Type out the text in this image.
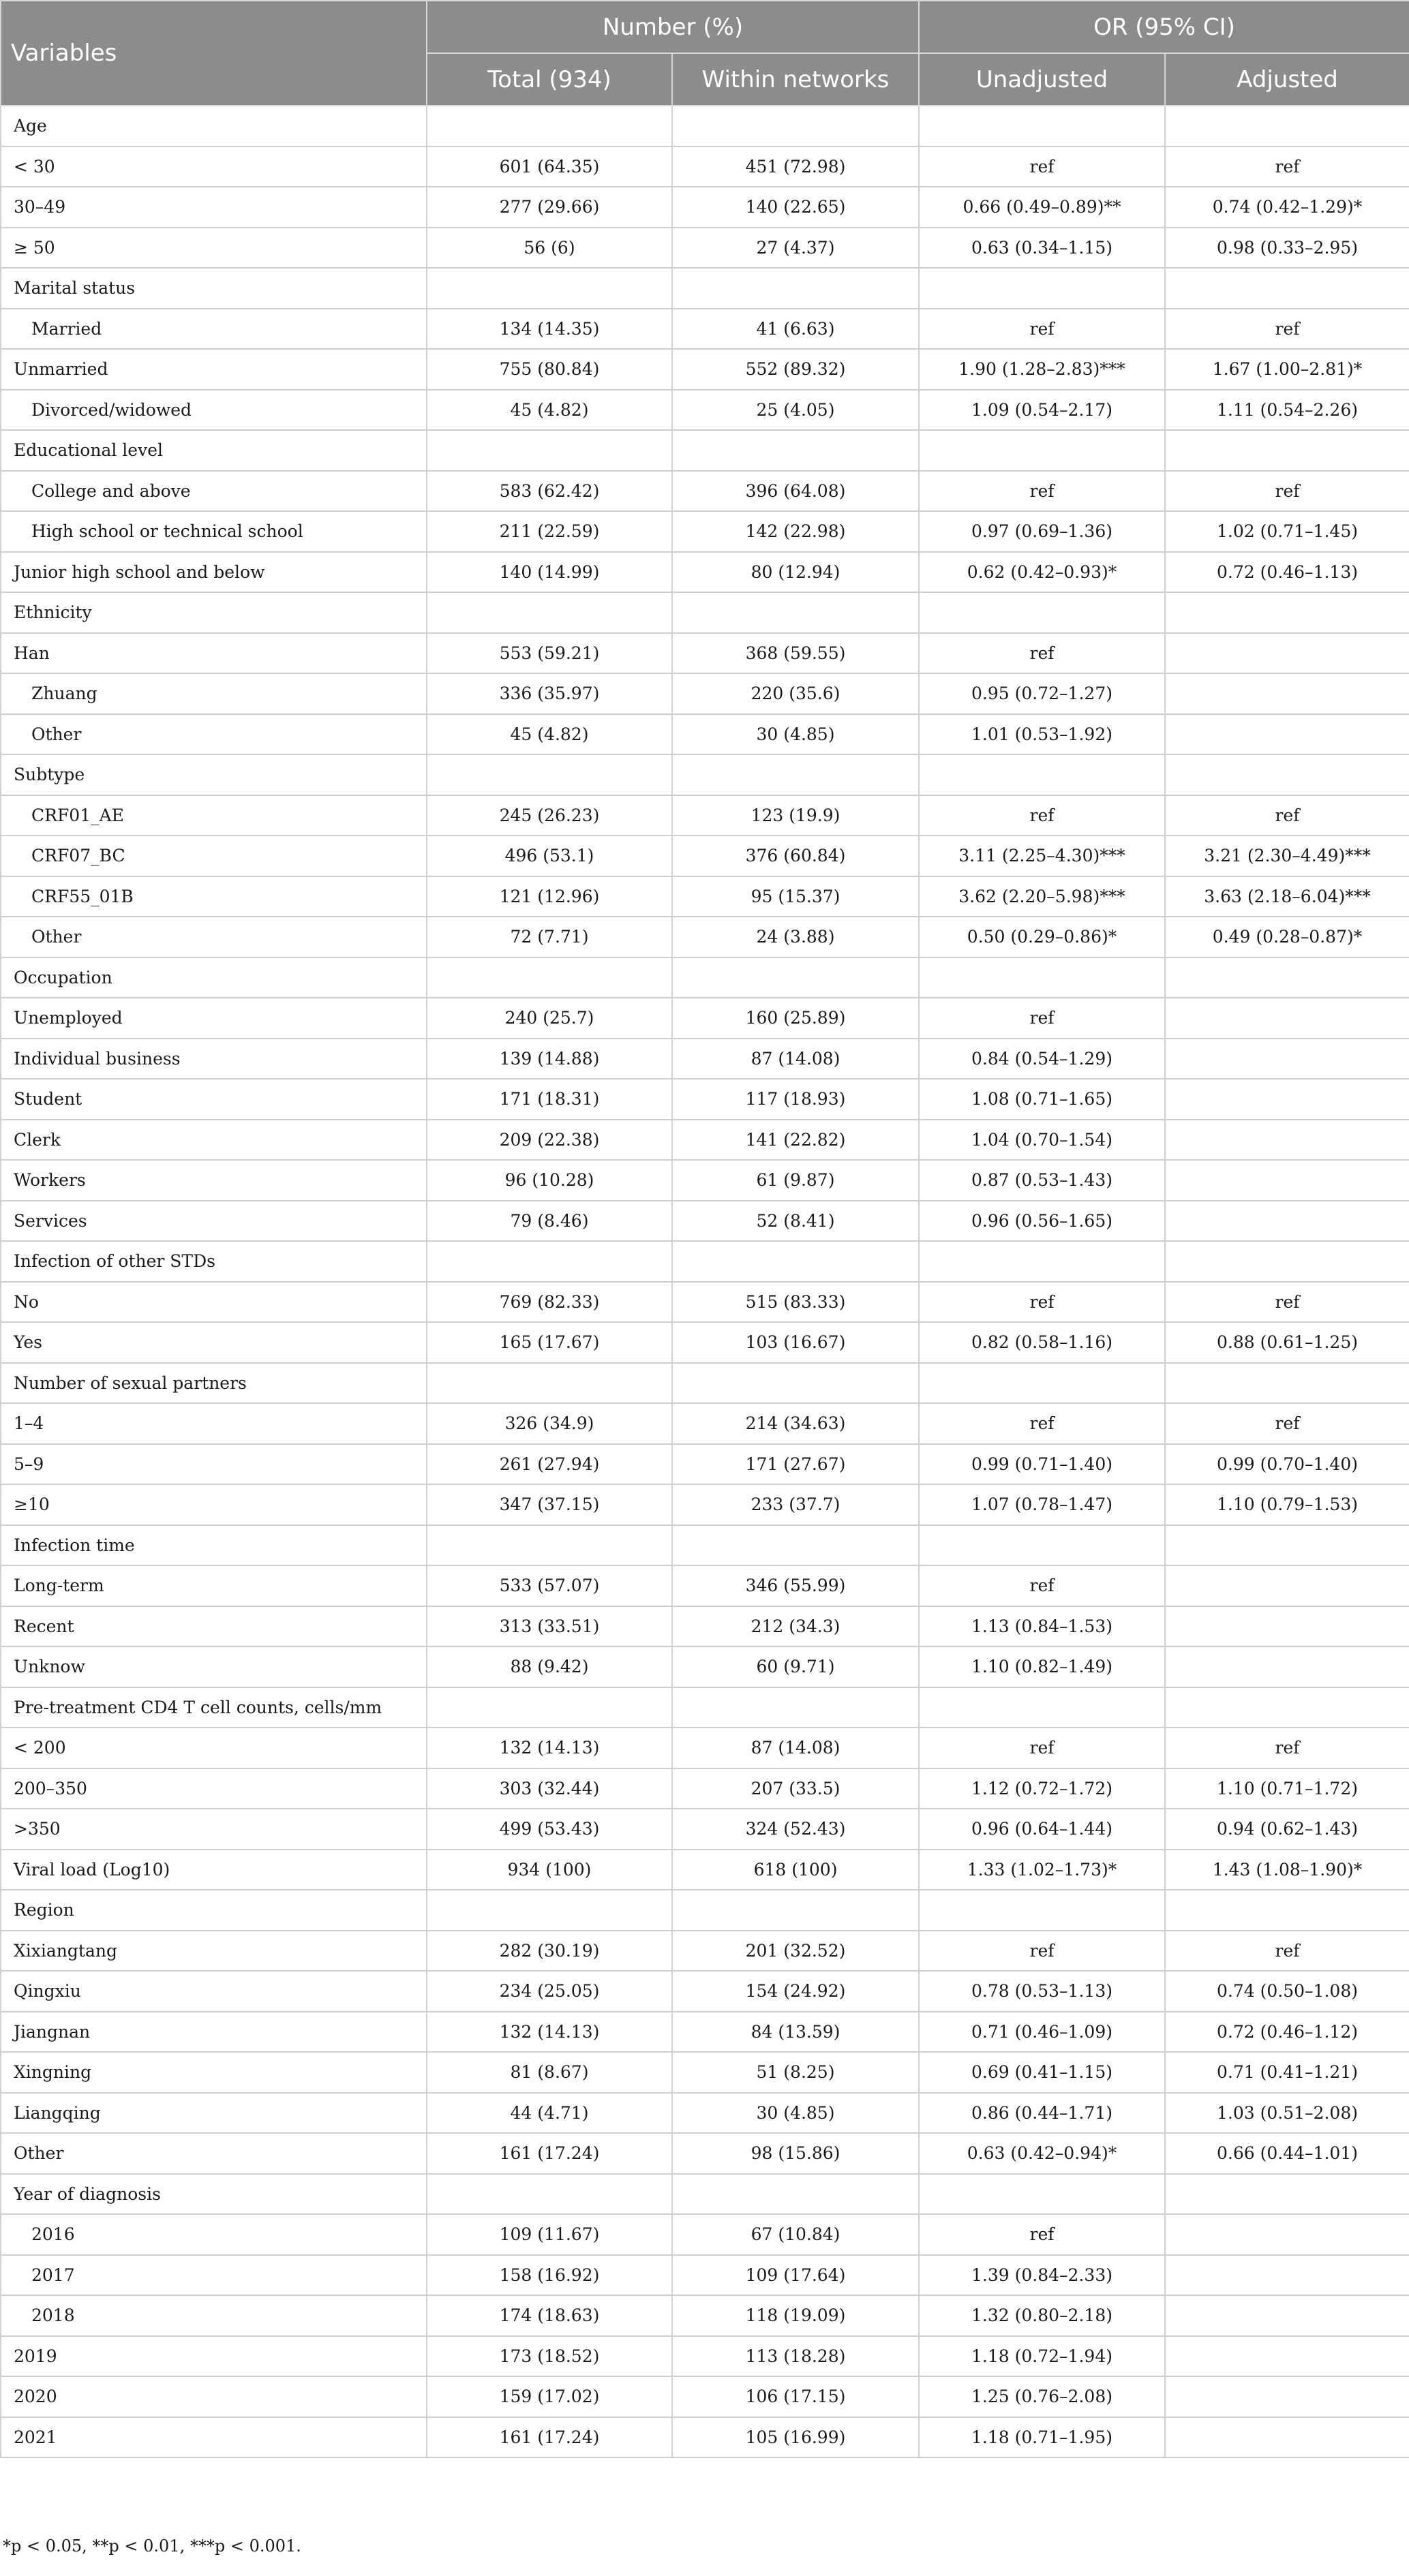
Variables	Number (%)		OR (95% CI)	
	Total (934)	Within networks	Unadjusted	Adjusted
Age				
< 30	601 (64.35)	451 (72.98)	ref	ref
30–49	277 (29.66)	140 (22.65)	0.66 (0.49–0.89)**	0.74 (0.42–1.29)*
≥ 50	56 (6)	27 (4.37)	0.63 (0.34–1.15)	0.98 (0.33–2.95)
Marital status				
Married	134 (14.35)	41 (6.63)	ref	ref
Unmarried	755 (80.84)	552 (89.32)	1.90 (1.28–2.83)***	1.67 (1.00–2.81)*
Divorced/widowed	45 (4.82)	25 (4.05)	1.09 (0.54–2.17)	1.11 (0.54–2.26)
Educational level				
College and above	583 (62.42)	396 (64.08)	ref	ref
High school or technical school	211 (22.59)	142 (22.98)	0.97 (0.69–1.36)	1.02 (0.71–1.45)
Junior high school and below	140 (14.99)	80 (12.94)	0.62 (0.42–0.93)*	0.72 (0.46–1.13)
Ethnicity				
Han	553 (59.21)	368 (59.55)	ref	
Zhuang	336 (35.97)	220 (35.6)	0.95 (0.72–1.27)	
Other	45 (4.82)	30 (4.85)	1.01 (0.53–1.92)	
Subtype				
CRF01_AE	245 (26.23)	123 (19.9)	ref	ref
CRF07_BC	496 (53.1)	376 (60.84)	3.11 (2.25–4.30)***	3.21 (2.30–4.49)***
CRF55_01B	121 (12.96)	95 (15.37)	3.62 (2.20–5.98)***	3.63 (2.18–6.04)***
Other	72 (7.71)	24 (3.88)	0.50 (0.29–0.86)*	0.49 (0.28–0.87)*
Occupation				
Unemployed	240 (25.7)	160 (25.89)	ref	
Individual business	139 (14.88)	87 (14.08)	0.84 (0.54–1.29)	
Student	171 (18.31)	117 (18.93)	1.08 (0.71–1.65)	
Clerk	209 (22.38)	141 (22.82)	1.04 (0.70–1.54)	
Workers	96 (10.28)	61 (9.87)	0.87 (0.53–1.43)	
Services	79 (8.46)	52 (8.41)	0.96 (0.56–1.65)	
Infection of other STDs				
No	769 (82.33)	515 (83.33)	ref	ref
Yes	165 (17.67)	103 (16.67)	0.82 (0.58–1.16)	0.88 (0.61–1.25)
Number of sexual partners				
1–4	326 (34.9)	214 (34.63)	ref	ref
5–9	261 (27.94)	171 (27.67)	0.99 (0.71–1.40)	0.99 (0.70–1.40)
≥10	347 (37.15)	233 (37.7)	1.07 (0.78–1.47)	1.10 (0.79–1.53)
Infection time				
Long-term	533 (57.07)	346 (55.99)	ref	
Recent	313 (33.51)	212 (34.3)	1.13 (0.84–1.53)	
Unknow	88 (9.42)	60 (9.71)	1.10 (0.82–1.49)	
Pre-treatment CD4 T cell counts, cells/mm				
< 200	132 (14.13)	87 (14.08)	ref	ref
200–350	303 (32.44)	207 (33.5)	1.12 (0.72–1.72)	1.10 (0.71–1.72)
>350	499 (53.43)	324 (52.43)	0.96 (0.64–1.44)	0.94 (0.62–1.43)
Viral load (Log10)	934 (100)	618 (100)	1.33 (1.02–1.73)*	1.43 (1.08–1.90)*
Region				
Xixiangtang	282 (30.19)	201 (32.52)	ref	ref
Qingxiu	234 (25.05)	154 (24.92)	0.78 (0.53–1.13)	0.74 (0.50–1.08)
Jiangnan	132 (14.13)	84 (13.59)	0.71 (0.46–1.09)	0.72 (0.46–1.12)
Xingning	81 (8.67)	51 (8.25)	0.69 (0.41–1.15)	0.71 (0.41–1.21)
Liangqing	44 (4.71)	30 (4.85)	0.86 (0.44–1.71)	1.03 (0.51–2.08)
Other	161 (17.24)	98 (15.86)	0.63 (0.42–0.94)*	0.66 (0.44–1.01)
Year of diagnosis				
2016	109 (11.67)	67 (10.84)	ref	
2017	158 (16.92)	109 (17.64)	1.39 (0.84–2.33)	
2018	174 (18.63)	118 (19.09)	1.32 (0.80–2.18)	
2019	173 (18.52)	113 (18.28)	1.18 (0.72–1.94)	
2020	159 (17.02)	106 (17.15)	1.25 (0.76–2.08)	
2021	161 (17.24)	105 (16.99)	1.18 (0.71–1.95)	
*p < 0.05, **p < 0.01, ***p < 0.001.
